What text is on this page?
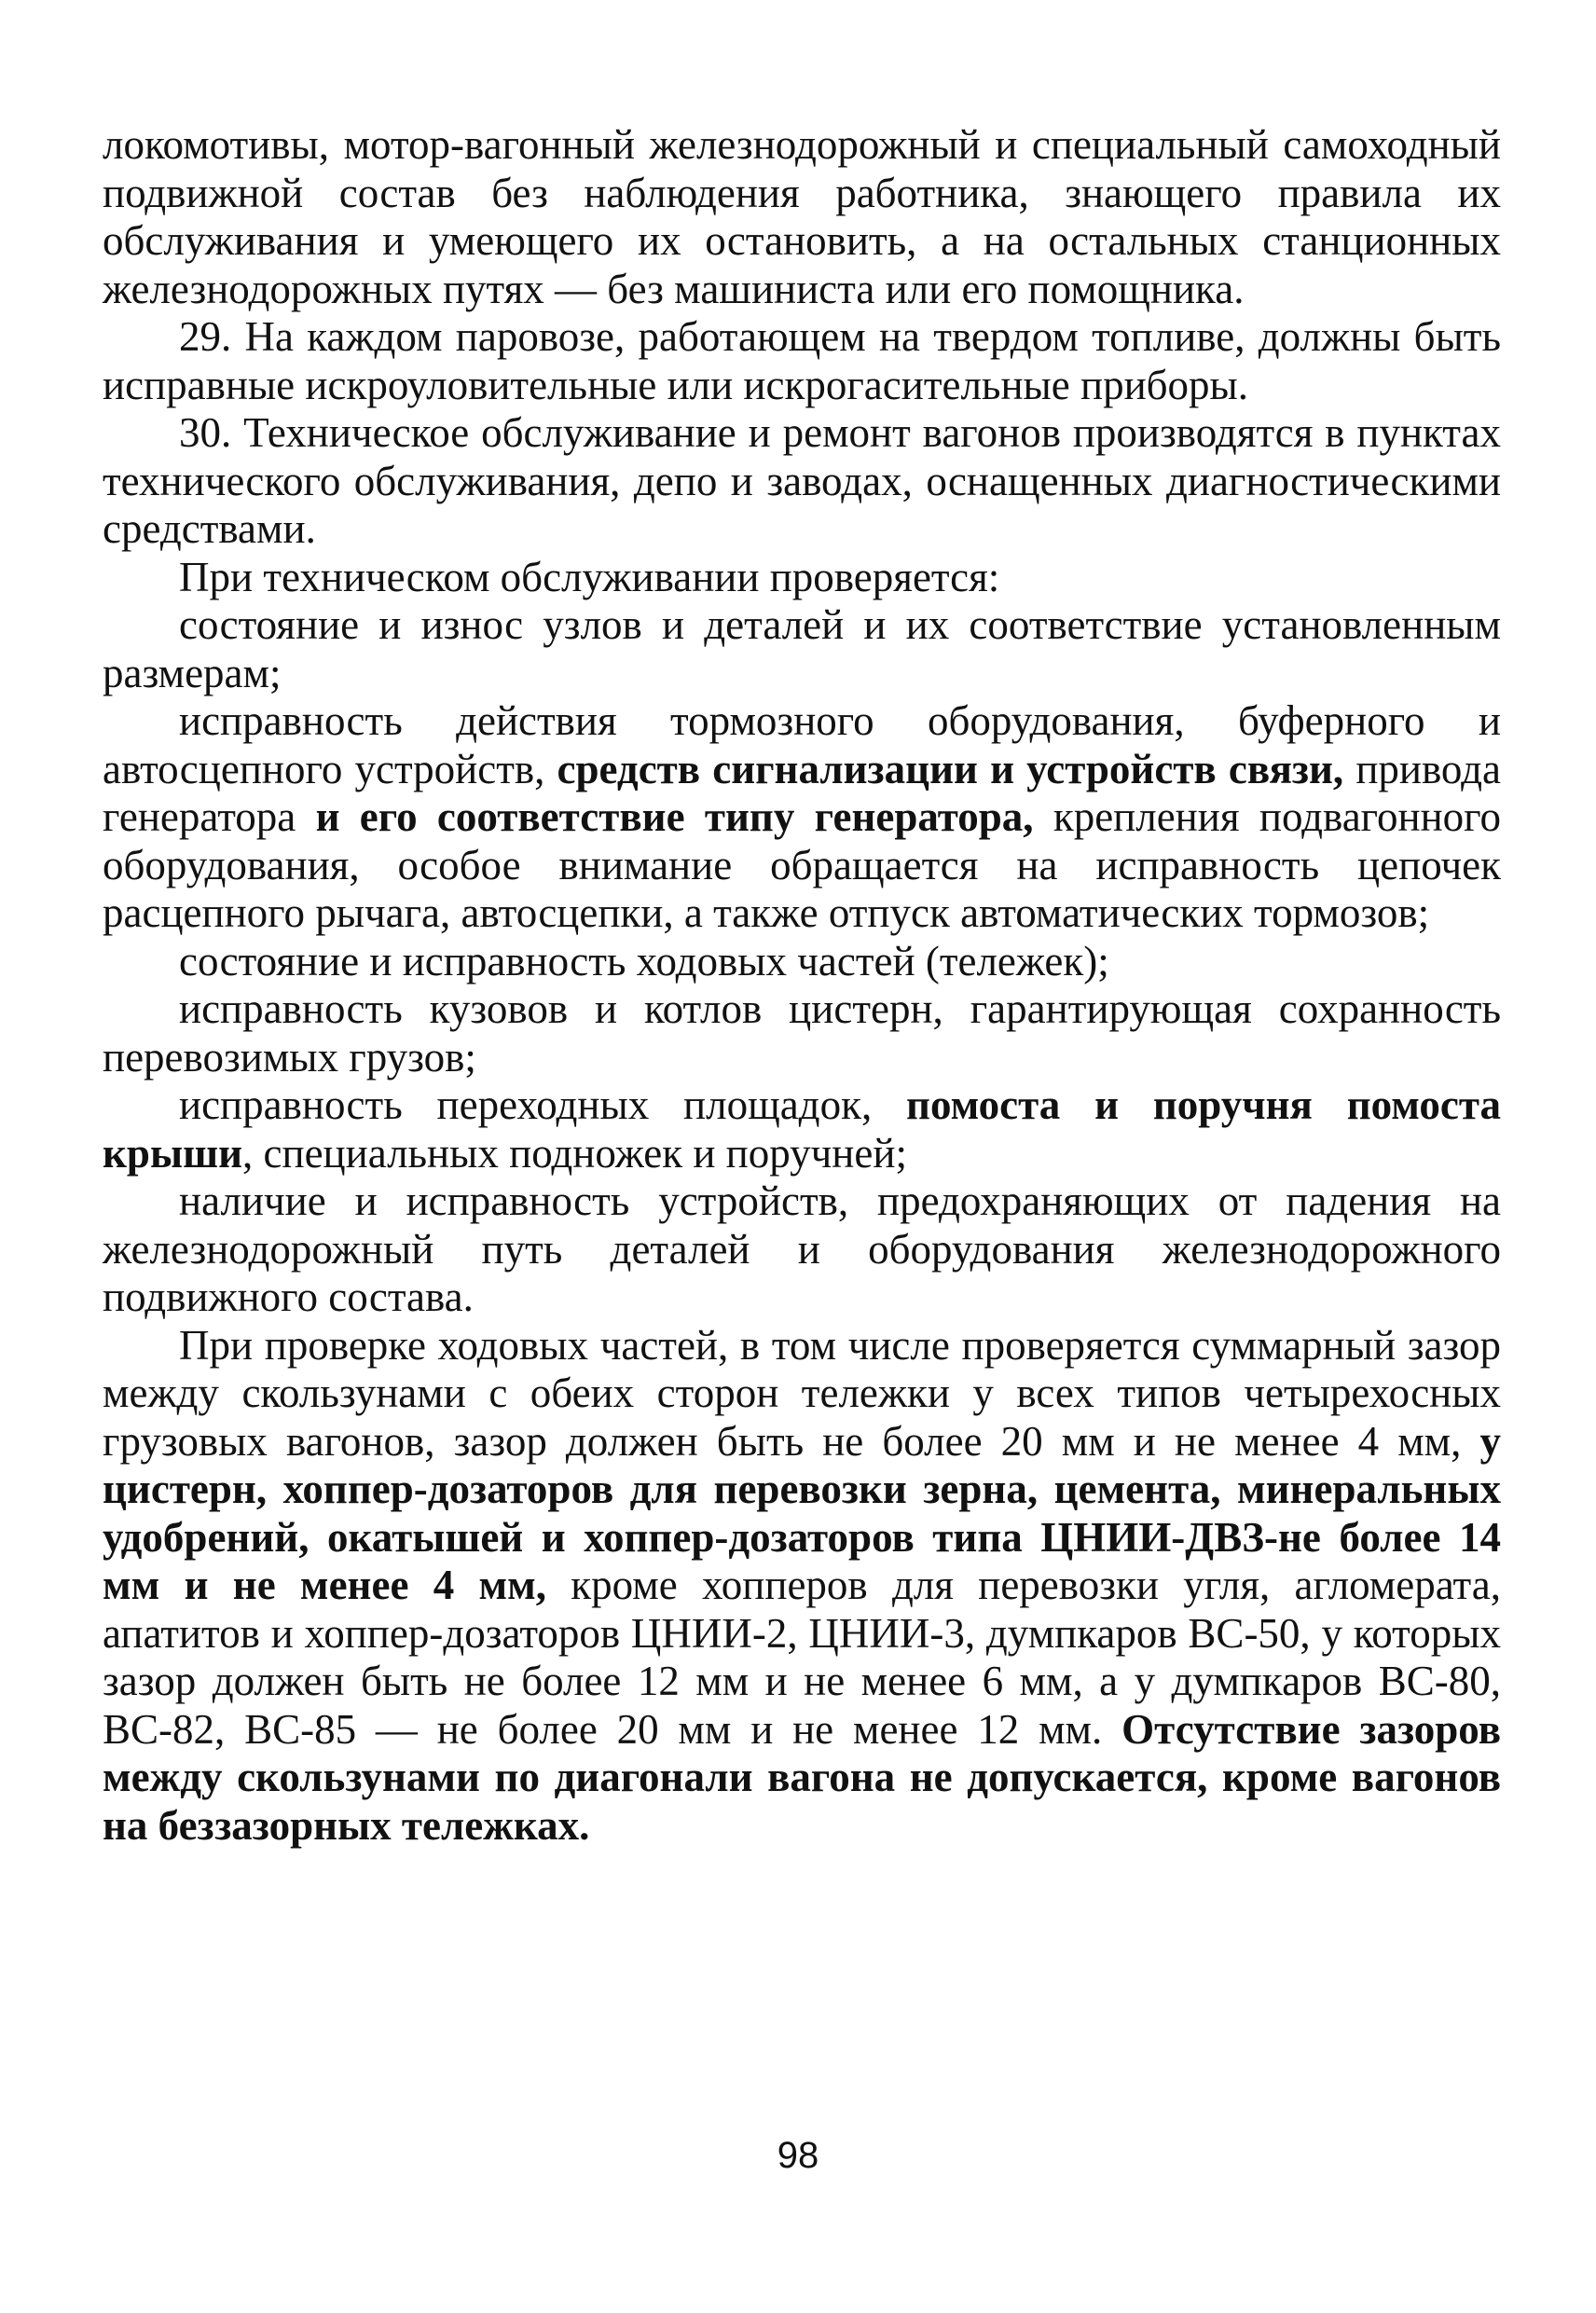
локомотивы, мотор-вагонный железнодорожный и специальный самоходный подвижной состав без наблюдения работника, знающего правила их обслуживания и умеющего их остановить, а на остальных станционных железнодорожных путях — без машиниста или его помощника.

29. На каждом паровозе, работающем на твердом топливе, должны быть исправные искроуловительные или искрогасительные приборы.

30. Техническое обслуживание и ремонт вагонов производятся в пунктах технического обслуживания, депо и заводах, оснащенных диагностическими средствами.

При техническом обслуживании проверяется:

состояние и износ узлов и деталей и их соответствие установленным размерам;

исправность действия тормозного оборудования, буферного и автосцепного устройств, средств сигнализации и устройств связи, привода генератора и его соответствие типу генератора, крепления подвагонного оборудования, особое внимание обращается на исправность цепочек расцепного рычага, автосцепки, а также отпуск автоматических тормозов;

состояние и исправность ходовых частей (тележек);

исправность кузовов и котлов цистерн, гарантирующая сохранность перевозимых грузов;

исправность переходных площадок, помоста и поручня помоста крыши, специальных подножек и поручней;

наличие и исправность устройств, предохраняющих от падения на железнодорожный путь деталей и оборудования железнодорожного подвижного состава.

При проверке ходовых частей, в том числе проверяется суммарный зазор между скользунами с обеих сторон тележки у всех типов четырехосных грузовых вагонов, зазор должен быть не более 20 мм и не менее 4 мм, у цистерн, хоппер-дозаторов для перевозки зерна, цемента, минеральных удобрений, окатышей и хоппер-дозаторов типа ЦНИИ-ДВЗ-не более 14 мм и не менее 4 мм, кроме хопперов для перевозки угля, агломерата, апатитов и хоппер-дозаторов ЦНИИ-2, ЦНИИ-3, думпкаров ВС-50, у которых зазор должен быть не более 12 мм и не менее 6 мм, а у думпкаров ВС-80, ВС-82, ВС-85 — не более 20 мм и не менее 12 мм. Отсутствие зазоров между скользунами по диагонали вагона не допускается, кроме вагонов на беззазорных тележках.

98
